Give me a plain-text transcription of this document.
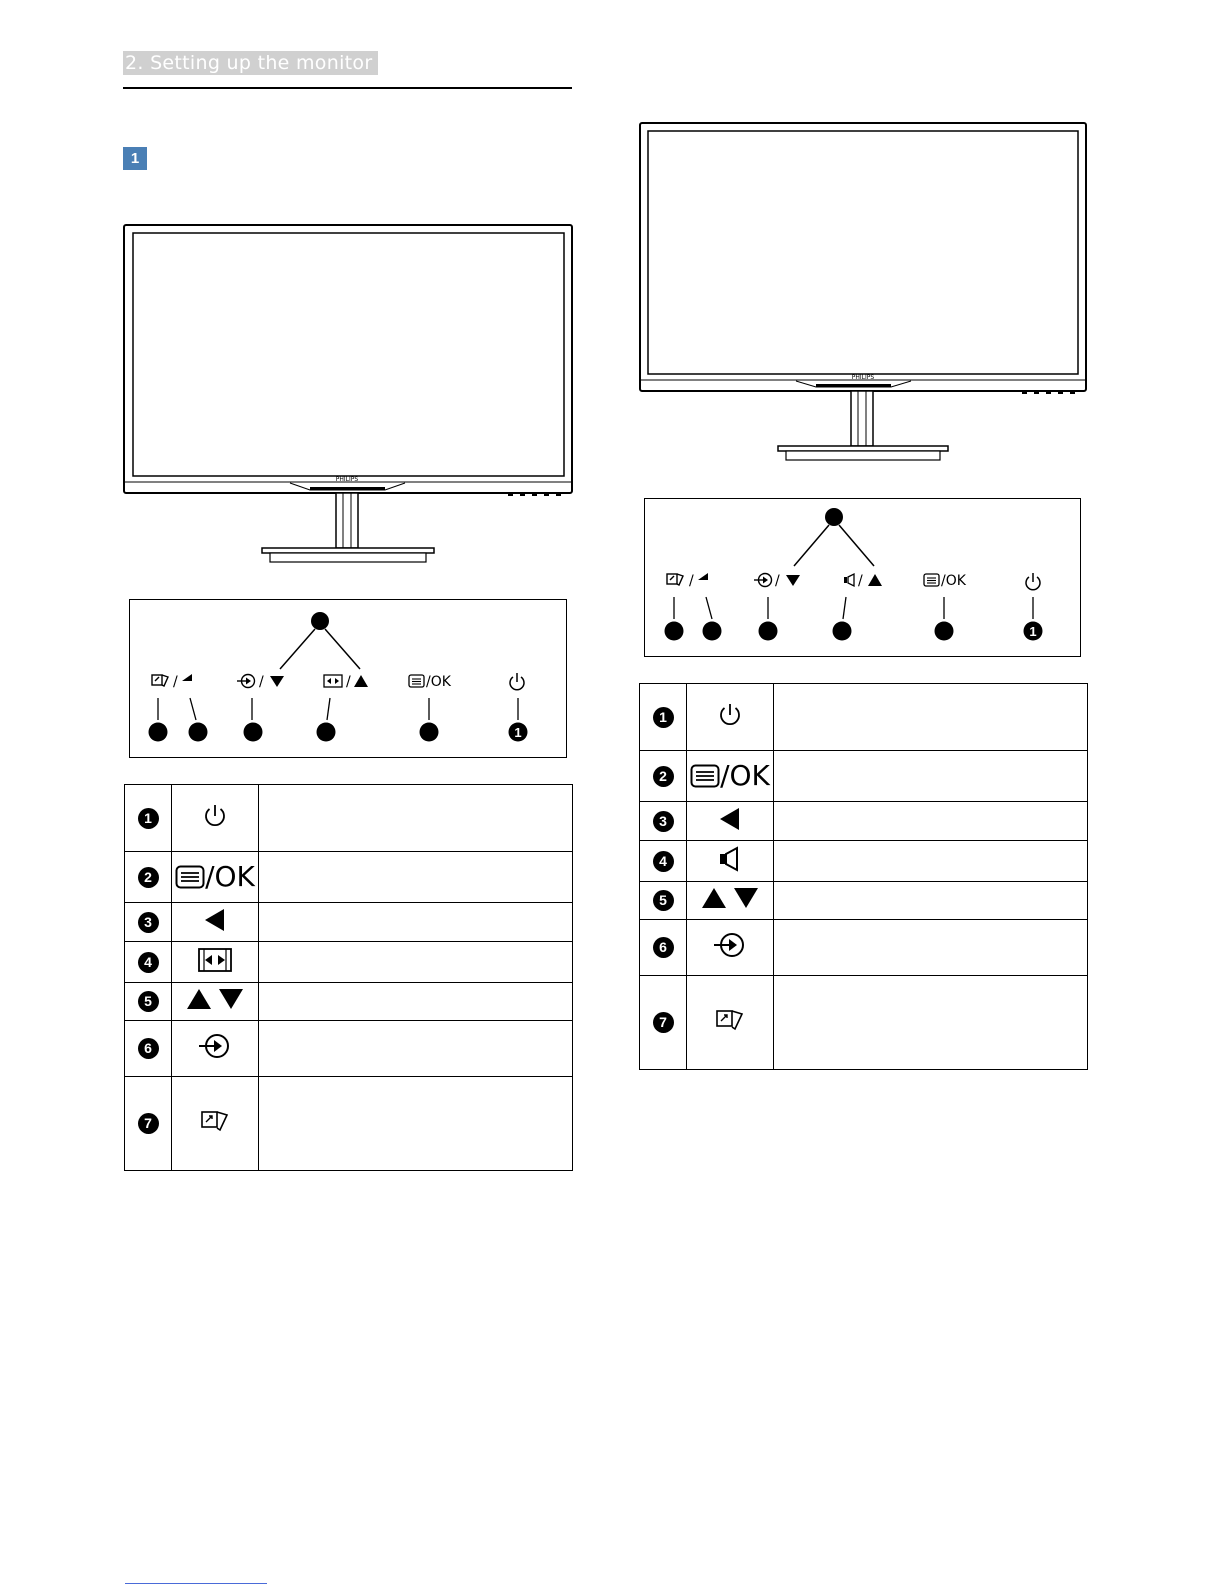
2. Setting up the monitor
1
PHILIPS
PHILIPS
1
/	/	/	/OK
1
/	/	/	/OK
1		
2	/OK	
3		
4		
5		
6		
7		
1		
2	/OK	
3		
4		
5		
6		
7		
